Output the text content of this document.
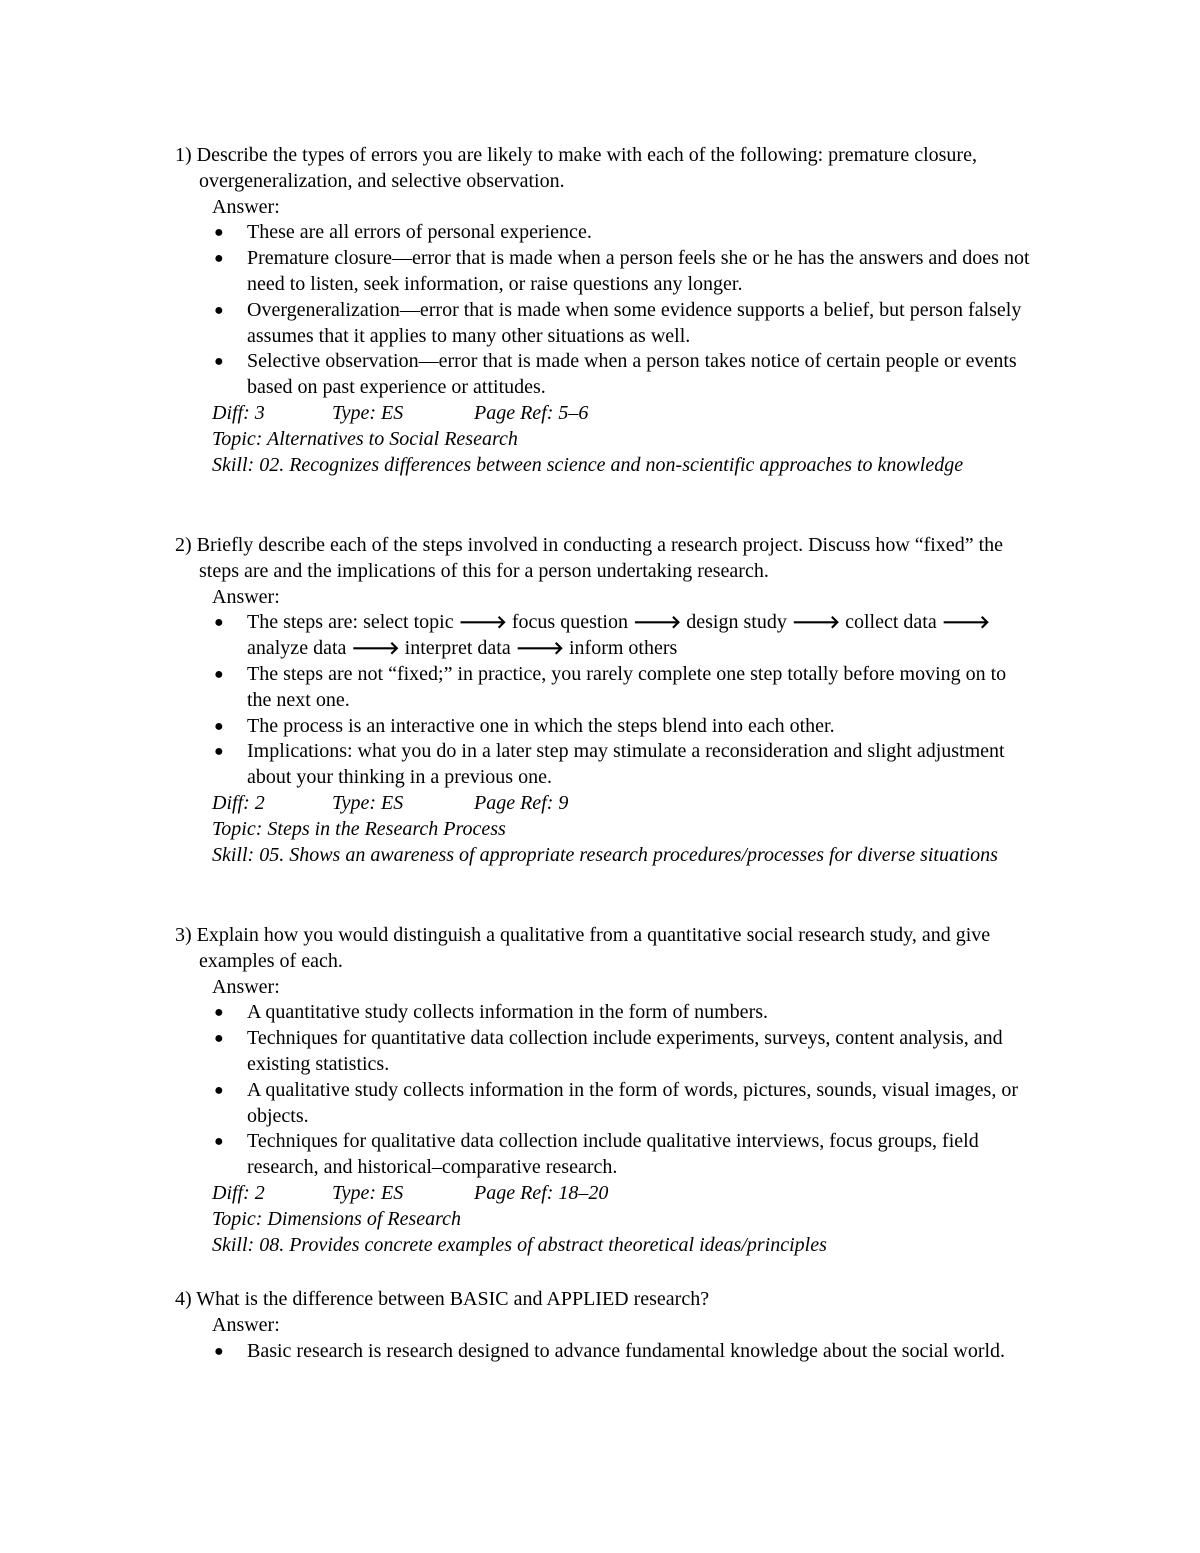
1) Describe the types of errors you are likely to make with each of the following: premature closure, overgeneralization, and selective observation.
Answer:
● These are all errors of personal experience.
● Premature closure—error that is made when a person feels she or he has the answers and does not need to listen, seek information, or raise questions any longer.
● Overgeneralization—error that is made when some evidence supports a belief, but person falsely assumes that it applies to many other situations as well.
● Selective observation—error that is made when a person takes notice of certain people or events based on past experience or attitudes.
Diff: 3	Type: ES	Page Ref: 5–6
Topic: Alternatives to Social Research
Skill: 02. Recognizes differences between science and non-scientific approaches to knowledge
2) Briefly describe each of the steps involved in conducting a research project. Discuss how “fixed” the steps are and the implications of this for a person undertaking research.
Answer:
● The steps are: select topic 🡒 focus question 🡒 design study 🡒 collect data 🡒 analyze data 🡒 interpret data 🡒 inform others
● The steps are not “fixed;” in practice, you rarely complete one step totally before moving on to the next one.
● The process is an interactive one in which the steps blend into each other.
● Implications: what you do in a later step may stimulate a reconsideration and slight adjustment about your thinking in a previous one.
Diff: 2	Type: ES	Page Ref: 9
Topic: Steps in the Research Process
Skill: 05. Shows an awareness of appropriate research procedures/processes for diverse situations
3) Explain how you would distinguish a qualitative from a quantitative social research study, and give examples of each.
Answer:
● A quantitative study collects information in the form of numbers.
● Techniques for quantitative data collection include experiments, surveys, content analysis, and existing statistics.
● A qualitative study collects information in the form of words, pictures, sounds, visual images, or objects.
● Techniques for qualitative data collection include qualitative interviews, focus groups, field research, and historical–comparative research.
Diff: 2	Type: ES	Page Ref: 18–20
Topic: Dimensions of Research
Skill: 08. Provides concrete examples of abstract theoretical ideas/principles
4) What is the difference between BASIC and APPLIED research?
Answer:
● Basic research is research designed to advance fundamental knowledge about the social world.
